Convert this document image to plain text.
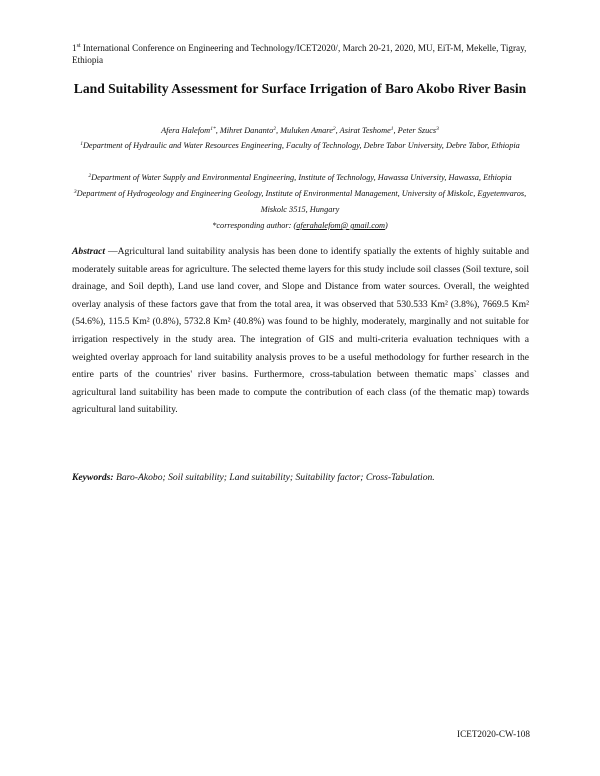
1st International Conference on Engineering and Technology/ICET2020/, March 20-21, 2020, MU, EiT-M, Mekelle, Tigray, Ethiopia
Land Suitability Assessment for Surface Irrigation of Baro Akobo River Basin
Afera Halefom$^{1*}$, Mihret Dananto$^2$, Muluken Amare$^2$, Asirat Teshome$^1$, Peter Szucs$^3$
$^1$Department of Hydraulic and Water Resources Engineering, Faculty of Technology, Debre Tabor University, Debre Tabor, Ethiopia
$^2$Department of Water Supply and Environmental Engineering, Institute of Technology, Hawassa University, Hawassa, Ethiopia
$^3$Department of Hydrogeology and Engineering Geology, Institute of Environmental Management, University of Miskolc, Egyetemvaros, Miskolc 3515, Hungary
*corresponding author: (aferahalefom@ gmail.com)
Abstract —Agricultural land suitability analysis has been done to identify spatially the extents of highly suitable and moderately suitable areas for agriculture. The selected theme layers for this study include soil classes (Soil texture, soil drainage, and Soil depth), Land use land cover, and Slope and Distance from water sources. Overall, the weighted overlay analysis of these factors gave that from the total area, it was observed that 530.533 Km² (3.8%), 7669.5 Km² (54.6%), 115.5 Km² (0.8%), 5732.8 Km² (40.8%) was found to be highly, moderately, marginally and not suitable for irrigation respectively in the study area. The integration of GIS and multi-criteria evaluation techniques with a weighted overlay approach for land suitability analysis proves to be a useful methodology for further research in the entire parts of the countries' river basins. Furthermore, cross-tabulation between thematic maps` classes and agricultural land suitability has been made to compute the contribution of each class (of the thematic map) towards agricultural land suitability.
Keywords: Baro-Akobo; Soil suitability; Land suitability; Suitability factor; Cross-Tabulation.
ICET2020-CW-108
